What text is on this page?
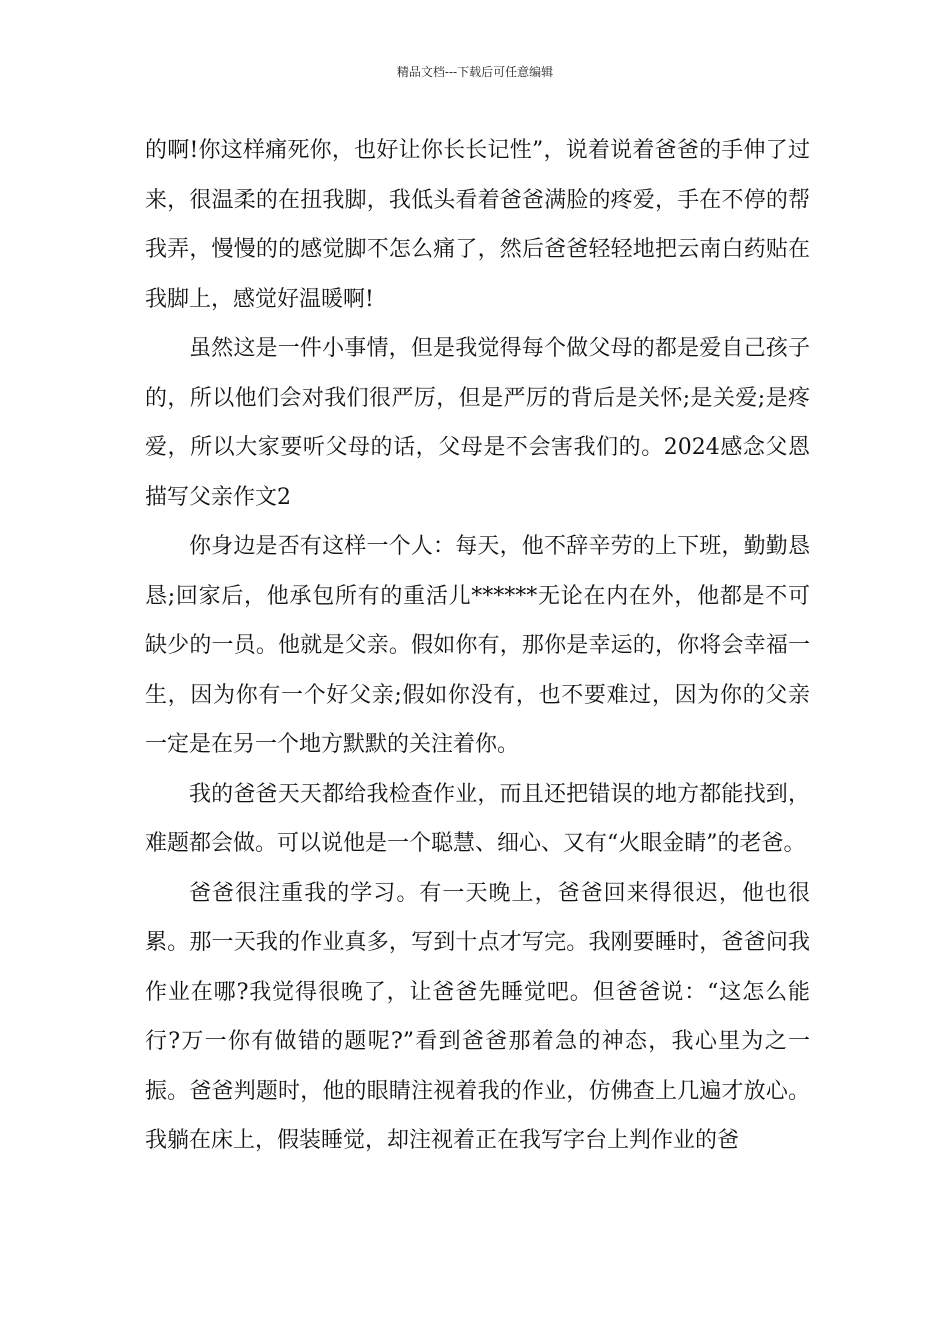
精品文档---下载后可任意编辑

的啊!你这样痛死你，也好让你长长记性”，说着说着爸爸的手伸了过来，很温柔的在扭我脚，我低头看着爸爸满脸的疼爱，手在不停的帮我弄，慢慢的的感觉脚不怎么痛了，然后爸爸轻轻地把云南白药贴在我脚上，感觉好温暖啊!

虽然这是一件小事情，但是我觉得每个做父母的都是爱自己孩子的，所以他们会对我们很严厉，但是严厉的背后是关怀;是关爱;是疼爱，所以大家要听父母的话，父母是不会害我们的。2024感念父恩描写父亲作文2

你身边是否有这样一个人：每天，他不辞辛劳的上下班，勤勤恳恳;回家后，他承包所有的重活儿******无论在内在外，他都是不可缺少的一员。他就是父亲。假如你有，那你是幸运的，你将会幸福一生，因为你有一个好父亲;假如你没有，也不要难过，因为你的父亲一定是在另一个地方默默的关注着你。

我的爸爸天天都给我检查作业，而且还把错误的地方都能找到，难题都会做。可以说他是一个聪慧、细心、又有“火眼金睛”的老爸。

爸爸很注重我的学习。有一天晚上，爸爸回来得很迟，他也很累。那一天我的作业真多，写到十点才写完。我刚要睡时，爸爸问我作业在哪?我觉得很晚了，让爸爸先睡觉吧。但爸爸说：“这怎么能行?万一你有做错的题呢?”看到爸爸那着急的神态，我心里为之一振。爸爸判题时，他的眼睛注视着我的作业，仿佛查上几遍才放心。我躺在床上，假装睡觉，却注视着正在我写字台上判作业的爸
